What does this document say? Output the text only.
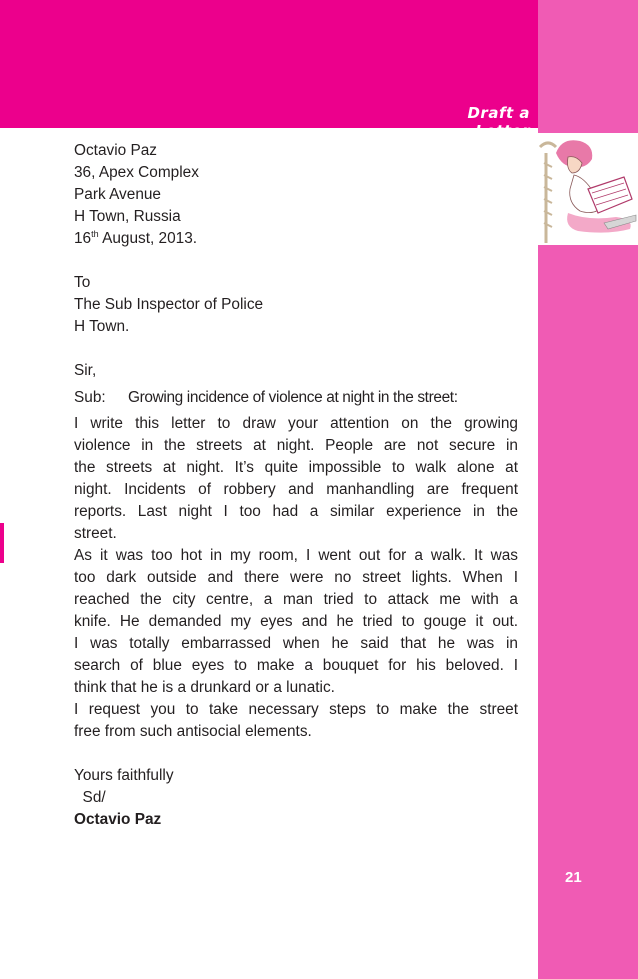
Draft a Letter
Octavio Paz
36, Apex Complex
Park Avenue
H Town, Russia
16th August, 2013.
To
The Sub Inspector of Police
H Town.
Sir,
Sub:	Growing incidence of violence at night in the street:
I write this letter to draw your attention on the growing
violence in the streets at night. People are not secure in
the streets at night. It’s quite impossible to walk alone at
night. Incidents of robbery and manhandling are frequent
reports. Last night I too had a similar experience in the
street.
As it was too hot in my room, I went out for a walk. It was
too dark outside and there were no street lights. When I
reached the city centre, a man tried to attack me with a
knife. He demanded my eyes and he tried to gouge it out.
I was totally embarrassed when he said that he was in
search of blue eyes to make a bouquet for his beloved. I
think that he is a drunkard or a lunatic.
I request you to take necessary steps to make the street
free from such antisocial elements.
Yours faithfully
Sd/
Octavio Paz
21
